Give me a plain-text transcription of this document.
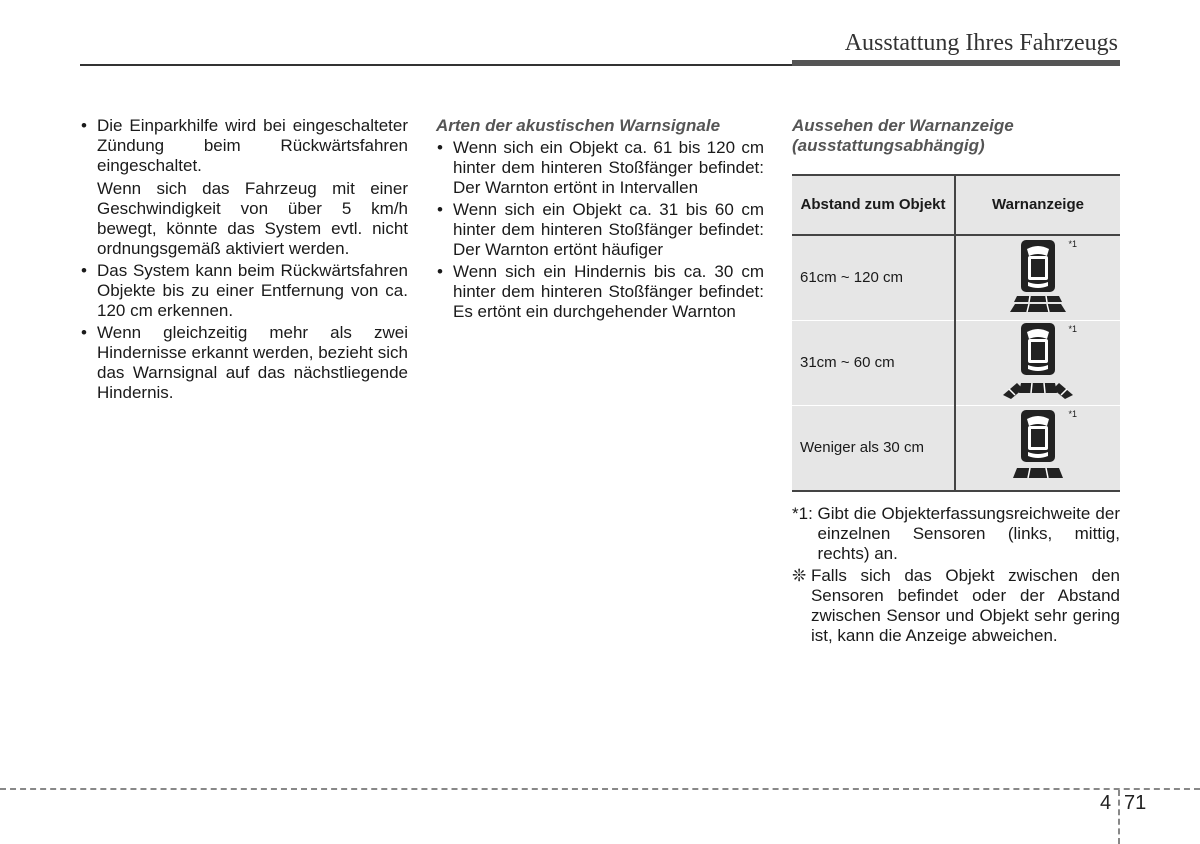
Ausstattung Ihres Fahrzeugs
• Die Einparkhilfe wird bei eingeschalteter Zündung beim Rückwärtsfahren eingeschaltet.
Wenn sich das Fahrzeug mit einer Geschwindigkeit von über 5 km/h bewegt, könnte das System evtl. nicht ordnungsgemäß aktiviert werden.
• Das System kann beim Rückwärtsfahren Objekte bis zu einer Entfernung von ca. 120 cm erkennen.
• Wenn gleichzeitig mehr als zwei Hindernisse erkannt werden, bezieht sich das Warnsignal auf das nächstliegende Hindernis.
Arten der akustischen Warnsignale
• Wenn sich ein Objekt ca. 61 bis 120 cm hinter dem hinteren Stoßfänger befindet: Der Warnton ertönt in Intervallen
• Wenn sich ein Objekt ca. 31 bis 60 cm hinter dem hinteren Stoßfänger befindet: Der Warnton ertönt häufiger
• Wenn sich ein Hindernis bis ca. 30 cm hinter dem hinteren Stoßfänger befindet: Es ertönt ein durchgehender Warnton
Aussehen der Warnanzeige (ausstattungsabhängig)
Abstand zum Objekt	Warnanzeige
61cm ~ 120 cm	*1

31cm ~ 60 cm	*1

Weniger als 30 cm	*1
*1: Gibt die Objekterfassungsreichweite der einzelnen Sensoren (links, mittig, rechts) an.
❊ Falls sich das Objekt zwischen den Sensoren befindet oder der Abstand zwischen Sensor und Objekt sehr gering ist, kann die Anzeige abweichen.
4 71
